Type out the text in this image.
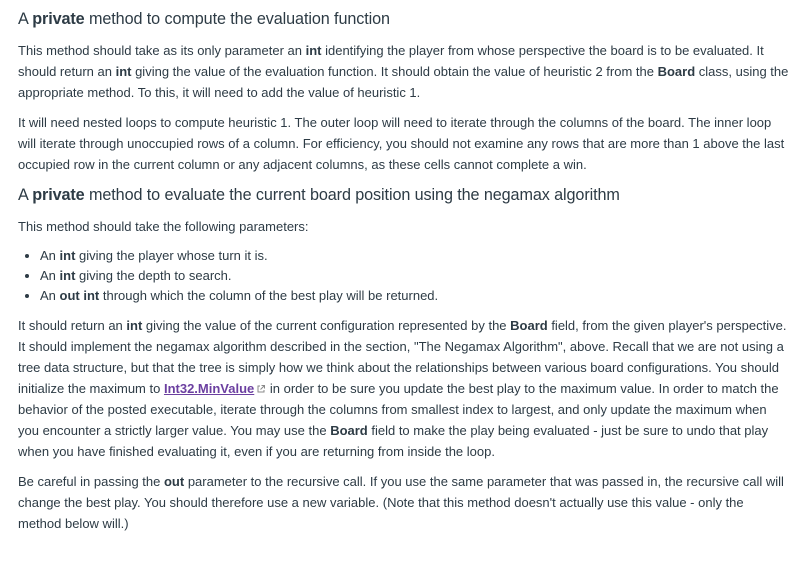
A private method to compute the evaluation function

This method should take as its only parameter an int identifying the player from whose perspective the board is to be evaluated. It should return an int giving the value of the evaluation function. It should obtain the value of heuristic 2 from the Board class, using the appropriate method. To this, it will need to add the value of heuristic 1.

It will need nested loops to compute heuristic 1. The outer loop will need to iterate through the columns of the board. The inner loop will iterate through unoccupied rows of a column. For efficiency, you should not examine any rows that are more than 1 above the last occupied row in the current column or any adjacent columns, as these cells cannot complete a win.

A private method to evaluate the current board position using the negamax algorithm

This method should take the following parameters:

• An int giving the player whose turn it is.
• An int giving the depth to search.
• An out int through which the column of the best play will be returned.

It should return an int giving the value of the current configuration represented by the Board field, from the given player's perspective. It should implement the negamax algorithm described in the section, "The Negamax Algorithm", above. Recall that we are not using a tree data structure, but that the tree is simply how we think about the relationships between various board configurations. You should initialize the maximum to Int32.MinValue in order to be sure you update the best play to the maximum value. In order to match the behavior of the posted executable, iterate through the columns from smallest index to largest, and only update the maximum when you encounter a strictly larger value. You may use the Board field to make the play being evaluated - just be sure to undo that play when you have finished evaluating it, even if you are returning from inside the loop.

Be careful in passing the out parameter to the recursive call. If you use the same parameter that was passed in, the recursive call will change the best play. You should therefore use a new variable. (Note that this method doesn't actually use this value - only the method below will.)
